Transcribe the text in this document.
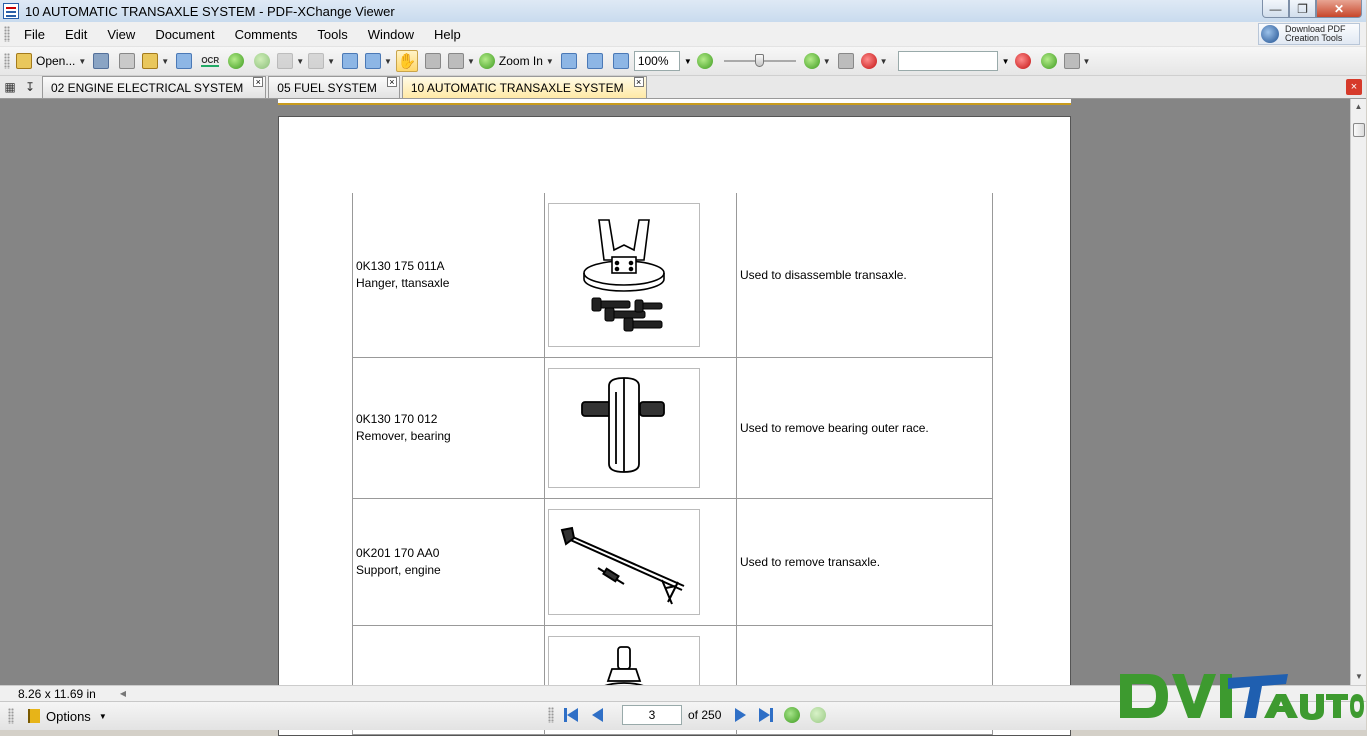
10 AUTOMATIC TRANSAXLE SYSTEM - PDF-XChange Viewer	—	❐	✕
File	Edit	View	Document	Comments	Tools	Window	Help	Download PDF Creation Tools
Open... ▼	▼	OCR	▼	▼	▼ ✋	▼ Zoom In ▼	100%	▼	▼	▼	▼	▼
▦ ↧ 02 ENGINE ELECTRICAL SYSTEM × 05 FUEL SYSTEM × 10 AUTOMATIC TRANSAXLE SYSTEM ×	×
0K130 175 011A
Hanger, ttansaxle		Used to disassemble transaxle.

0K130 170 012
Remover, bearing		Used to remove bearing outer race.

0K201 170 AA0
Support, engine		Used to remove transaxle.

▲
▼
8.26 x 11.69 in	◀
Options ▼	3	of 250
